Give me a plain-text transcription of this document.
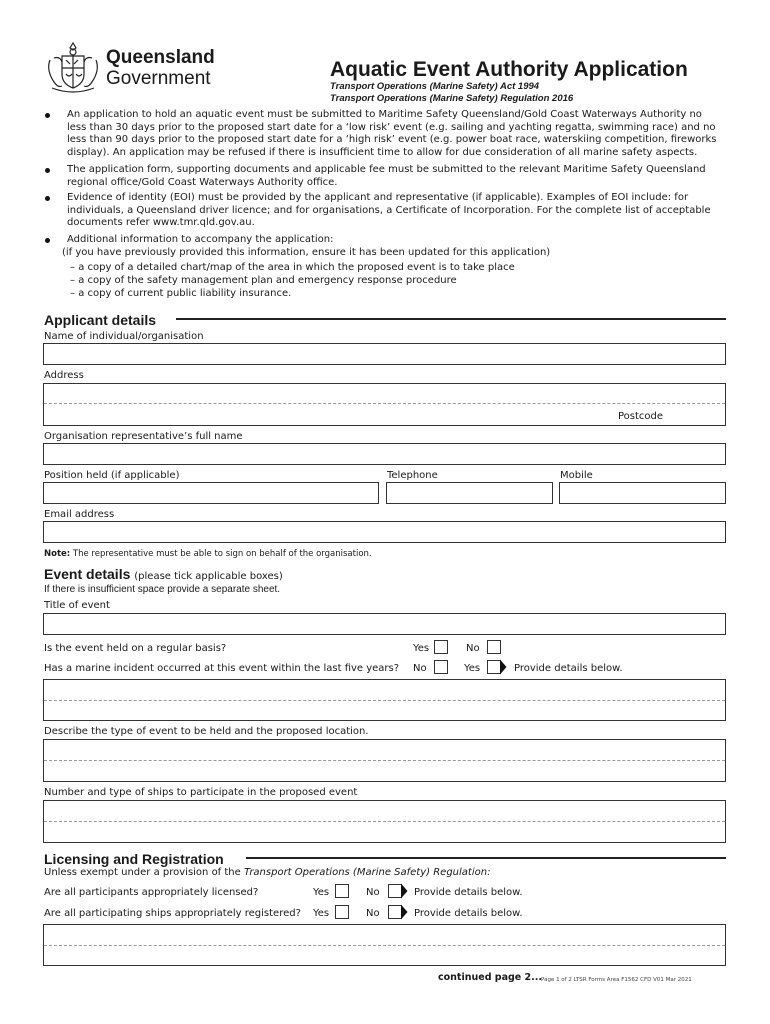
Queensland
Government	Aquatic Event Authority Application
Transport Operations (Marine Safety) Act 1994
Transport Operations (Marine Safety) Regulation 2016
An application to hold an aquatic event must be submitted to Maritime Safety Queensland/Gold Coast Waterways Authority no
less than 30 days prior to the proposed start date for a ‘low risk’ event (e.g. sailing and yachting regatta, swimming race) and no
less than 90 days prior to the proposed start date for a ‘high risk’ event (e.g. power boat race, waterskiing competition, fireworks
display). An application may be refused if there is insufficient time to allow for due consideration of all marine safety aspects.
The application form, supporting documents and applicable fee must be submitted to the relevant Maritime Safety Queensland
regional office/Gold Coast Waterways Authority office.
Evidence of identity (EOI) must be provided by the applicant and representative (if applicable). Examples of EOI include: for
individuals, a Queensland driver licence; and for organisations, a Certificate of Incorporation. For the complete list of acceptable
documents refer www.tmr.qld.gov.au.
Additional information to accompany the application:
(if you have previously provided this information, ensure it has been updated for this application)
– a copy of a detailed chart/map of the area in which the proposed event is to take place
– a copy of the safety management plan and emergency response procedure
– a copy of current public liability insurance.
Applicant details
Name of individual/organisation
Address
Postcode
Organisation representative’s full name
Position held (if applicable)	Telephone	Mobile
Email address
Note: The representative must be able to sign on behalf of the organisation.
Event details (please tick applicable boxes)
If there is insufficient space provide a separate sheet.
Title of event
Is the event held on a regular basis?	Yes	No
Has a marine incident occurred at this event within the last five years? No	Yes	Provide details below.
Describe the type of event to be held and the proposed location.
Number and type of ships to participate in the proposed event
Licensing and Registration
Unless exempt under a provision of the Transport Operations (Marine Safety) Regulation:
Are all participants appropriately licensed?	Yes	No	Provide details below.
Are all participating ships appropriately registered? Yes	No	Provide details below.
continued page 2... Page 1 of 2 LTSR Forms Area F1562 CFD V01 Mar 2021
